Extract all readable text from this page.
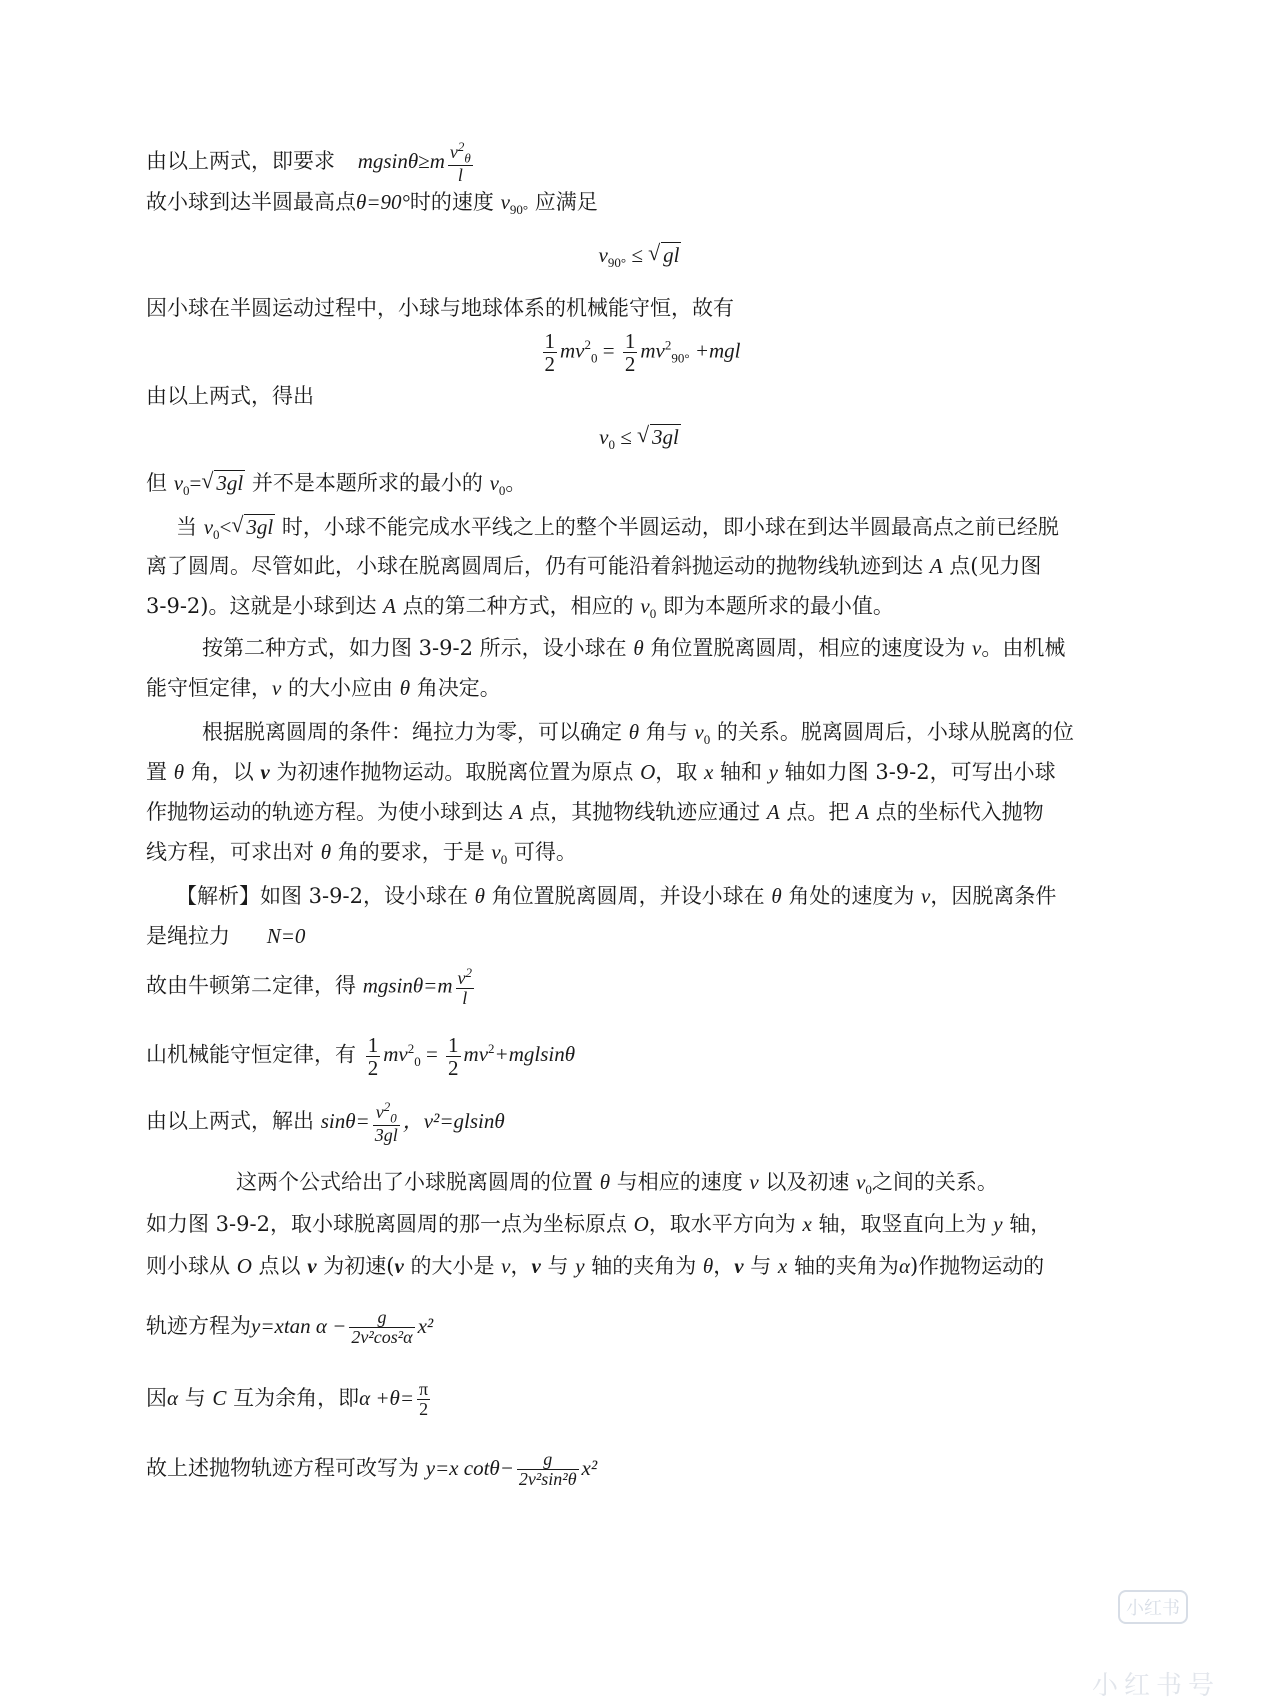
由以上两式，即要求 $mgsin\theta\ge m \frac{v^2_\theta}{l}$
故小球到达半圆最高点θ=90°时的速度 $v_{90^\circ}$ 应满足
$v_{90^\circ}$ ≤ √ gl
因小球在半圆运动过程中，小球与地球体系的机械能守恒，故有
$\frac{1}{2} mv^2_0 = \frac{1}{2} mv^2_{90^\circ} +mgl$
由以上两式，得出
$v_0$ ≤ √ 3gl
但 $v_0=√$ 3gl 并不是本题所求的最小的 $v_0$。
当 $v_0<√$ 3gl 时，小球不能完成水平线之上的整个半圆运动，即小球在到达半圆最高点之前已经脱
离了圆周。尽管如此，小球在脱离圆周后，仍有可能沿着斜抛运动的抛物线轨迹到达 A 点(见力图
3-9-2)。这就是小球到达 A 点的第二种方式，相应的 $v_0$ 即为本题所求的最小值。
按第二种方式，如力图 3-9-2 所示，设小球在 θ 角位置脱离圆周，相应的速度设为 v。由机械
能守恒定律，v 的大小应由 θ 角决定。
根据脱离圆周的条件：绳拉力为零，可以确定 θ 角与 $v_0$ 的关系。脱离圆周后，小球从脱离的位
置 θ 角，以 v 为初速作抛物运动。取脱离位置为原点 O，取 x 轴和 y 轴如力图 3-9-2，可写出小球
作抛物运动的轨迹方程。为使小球到达 A 点，其抛物线轨迹应通过 A 点。把 A 点的坐标代入抛物
线方程，可求出对 θ 角的要求，于是 $v_0$ 可得。
【解析】如图 3-9-2，设小球在 θ 角位置脱离圆周，并设小球在 θ 角处的速度为 v，因脱离条件
是绳拉力 N=0
故由牛顿第二定律，得 $mgsin\theta=m \frac{v^2}{l}$
山机械能守恒定律，有 $\frac{1}{2} mv^2_0 = \frac{1}{2} mv^2+mglsin\theta$
由以上两式，解出 $\sin\theta= \frac{v^2_0}{3gl}$ ，v²=glsinθ
这两个公式给出了小球脱离圆周的位置 θ 与相应的速度 v 以及初速 $v_0$之间的关系。
如力图 3-9-2，取小球脱离圆周的那一点为坐标原点 O，取水平方向为 x 轴，取竖直向上为 y 轴，
则小球从 O 点以 v 为初速(v 的大小是 v，v 与 y 轴的夹角为 θ，v 与 x 轴的夹角为α)作抛物运动的
轨迹方程为y=xtan $\alpha - \frac{g}{\text{2v²cos²α}} x^2$
因α 与 C 互为余角，即$\alpha +\theta= \frac{\pi}{2}$
故上述抛物轨迹方程可改写为 y=x $\cot\theta- \frac{g}{\text{2v²sin²θ}} x^2$
小红书
小红书号
